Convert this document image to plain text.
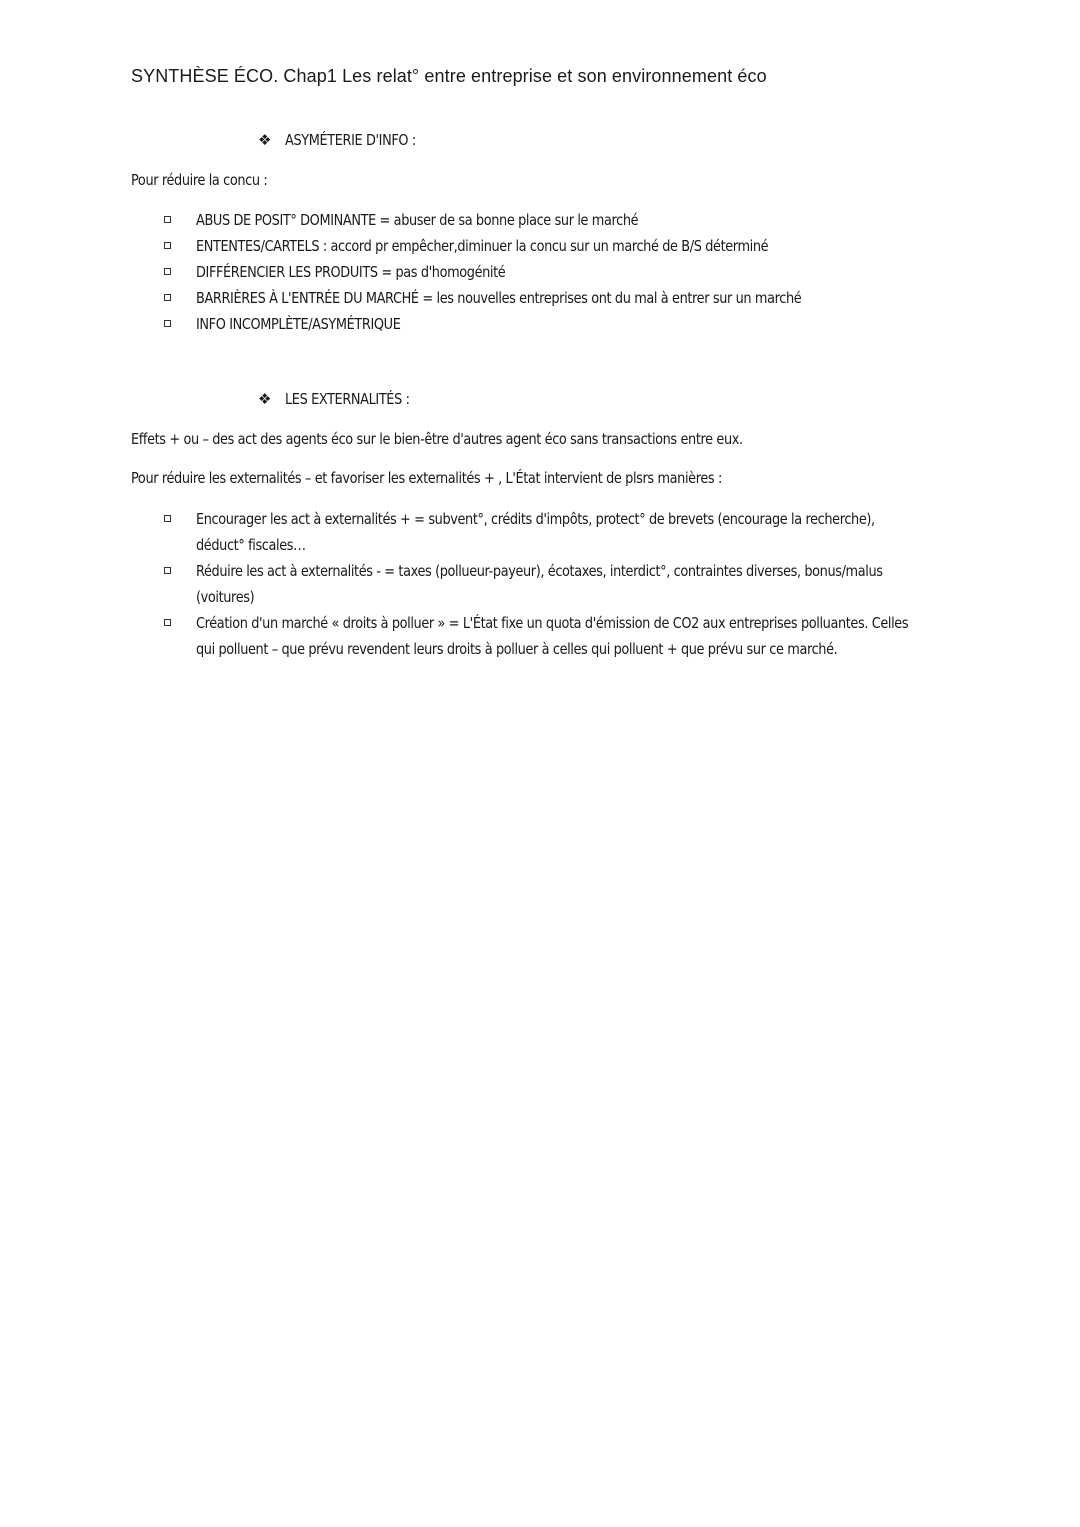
SYNTHÈSE ÉCO. Chap1 Les relat° entre entreprise et son environnement éco
❖ ASYMÉTERIE D'INFO :
Pour réduire la concu :
ABUS DE POSIT° DOMINANTE = abuser de sa bonne place sur le marché
ENTENTES/CARTELS : accord pr empêcher,diminuer la concu sur un marché de B/S déterminé
DIFFÉRENCIER LES PRODUITS = pas d'homogénité
BARRIÈRES À L'ENTRÉE DU MARCHÉ = les nouvelles entreprises ont du mal à entrer sur un marché
INFO INCOMPLÈTE/ASYMÉTRIQUE
❖ LES EXTERNALITÉS :
Effets + ou – des act des agents éco sur le bien-être d'autres agent éco sans transactions entre eux.
Pour réduire les externalités – et favoriser les externalités + , L'État intervient de plsrs manières :
Encourager les act à externalités + = subvent°, crédits d'impôts, protect° de brevets (encourage la recherche),
déduct° fiscales…
Réduire les act à externalités - = taxes (pollueur-payeur), écotaxes, interdict°, contraintes diverses, bonus/malus
(voitures)
Création d'un marché « droits à polluer » = L'État fixe un quota d'émission de CO2 aux entreprises polluantes. Celles
qui polluent – que prévu revendent leurs droits à polluer à celles qui polluent + que prévu sur ce marché.
